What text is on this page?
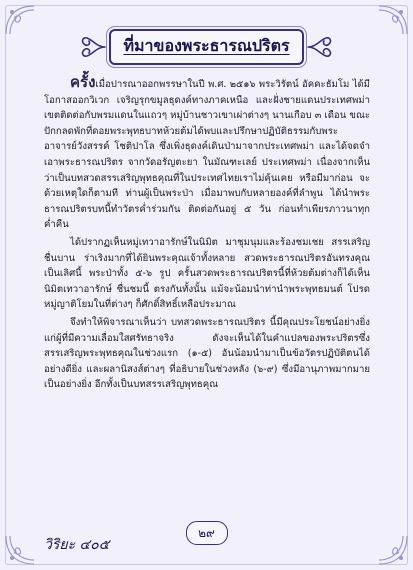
ที่มาของพระธารณปริตร

ครั้งเมื่อปารณาออกพรรษาในปี พ.ศ. ๒๕๑๖ พระวิรัตน์ อัคคะธัมโม ได้มีโอกาสออกวิเวก เจริญรุกขมูลธุดงค์ทางภาคเหนือ และฝั่งชายแดนประเทศพม่า เขตติดต่อกับพรมแดนในแถวๆ หมู่บ้านชาวเขาเผ่าต่างๆ นานเกือบ ๓ เดือน ขณะปักกลดพักที่ดอยพระพุทธบาทห้วยต้มได้พบและปรึกษาปฏิบัติธรรมกับพระอาจารย์วังสรรค์ โชติปาโล ซึ่งเพิ่งธุดงค์เดินป่ามาจากประเทศพม่า และได้จดจำเอาพระธารณปริตร จากวัดอรัญตะยา ในมัณฑะเลย์ ประเทศพม่า เนื่องจากเห็นว่าเป็นบทสวดสรรเสริญพุทธคุณที่ในประเทศไทยเราไม่คุ้นเคย หรือมีมาก่อน จะด้วยเหตุใดก็ตามที ท่านผู้เป็นพระป่า เมื่อมาพบกับหลายองค์ที่ลำพูน ได้นำพระธารณปริตรบทนี้ทำวัตรค่ำร่วมกัน ติดต่อกันอยู่ ๕ วัน ก่อนทำเพียรภาวนาทุกค่ำคืน

ได้ปรากฏเห็นหมู่เทวาอารักษ์ในนิมิต มาชุมนุมและร้องชมเชย สรรเสริญ ชื่นบาน ร่าเริงมากที่ได้ยินพระคุณเจ้าทั้งหลาย สวดพระธารณปริตรอันทรงคุณเป็นเลิศนี้ พระป่าทั้ง ๕-๖ รูป ครั้นสวดพระธารณปริตรนี้ที่ห้วยต้มต่างก็ได้เห็นนิมิตเทวาอารักษ์ ชื่นชมนี้ ตรงกันทั้งนั้น แม้จะน้อมนำท่านำพระพุทธมนต์ โปรดหมู่ญาติโยมในที่ต่างๆ ก็ศักดิ์สิทธิ์เหลือประมาณ

จึงทำให้พิจารณาเห็นว่า บทสวดพระธารณปริตร นี้มีคุณประโยชน์อย่างยิ่ง แก่ผู้ที่มีความเลื่อมใสศรัทธาจริง ดังจะเห็นได้ในคำแปลของพระปริตรซึ่งสรรเสริญพระพุทธคุณในช่วงแรก (๑-๕) อันน้อมนำมาเป็นข้อวัตรปฏิบัติตนได้อย่างดียิ่ง และผลานิสงส์ต่างๆ ที่อธิบายในช่วงหลัง (๖-๙) ซึ่งมีอานุภาพมากมายเป็นอย่างยิ่ง อีกทั้งเป็นบทสรรเสริญพุทธคุณ

๒๙
วิริยะ ๔๐๕
